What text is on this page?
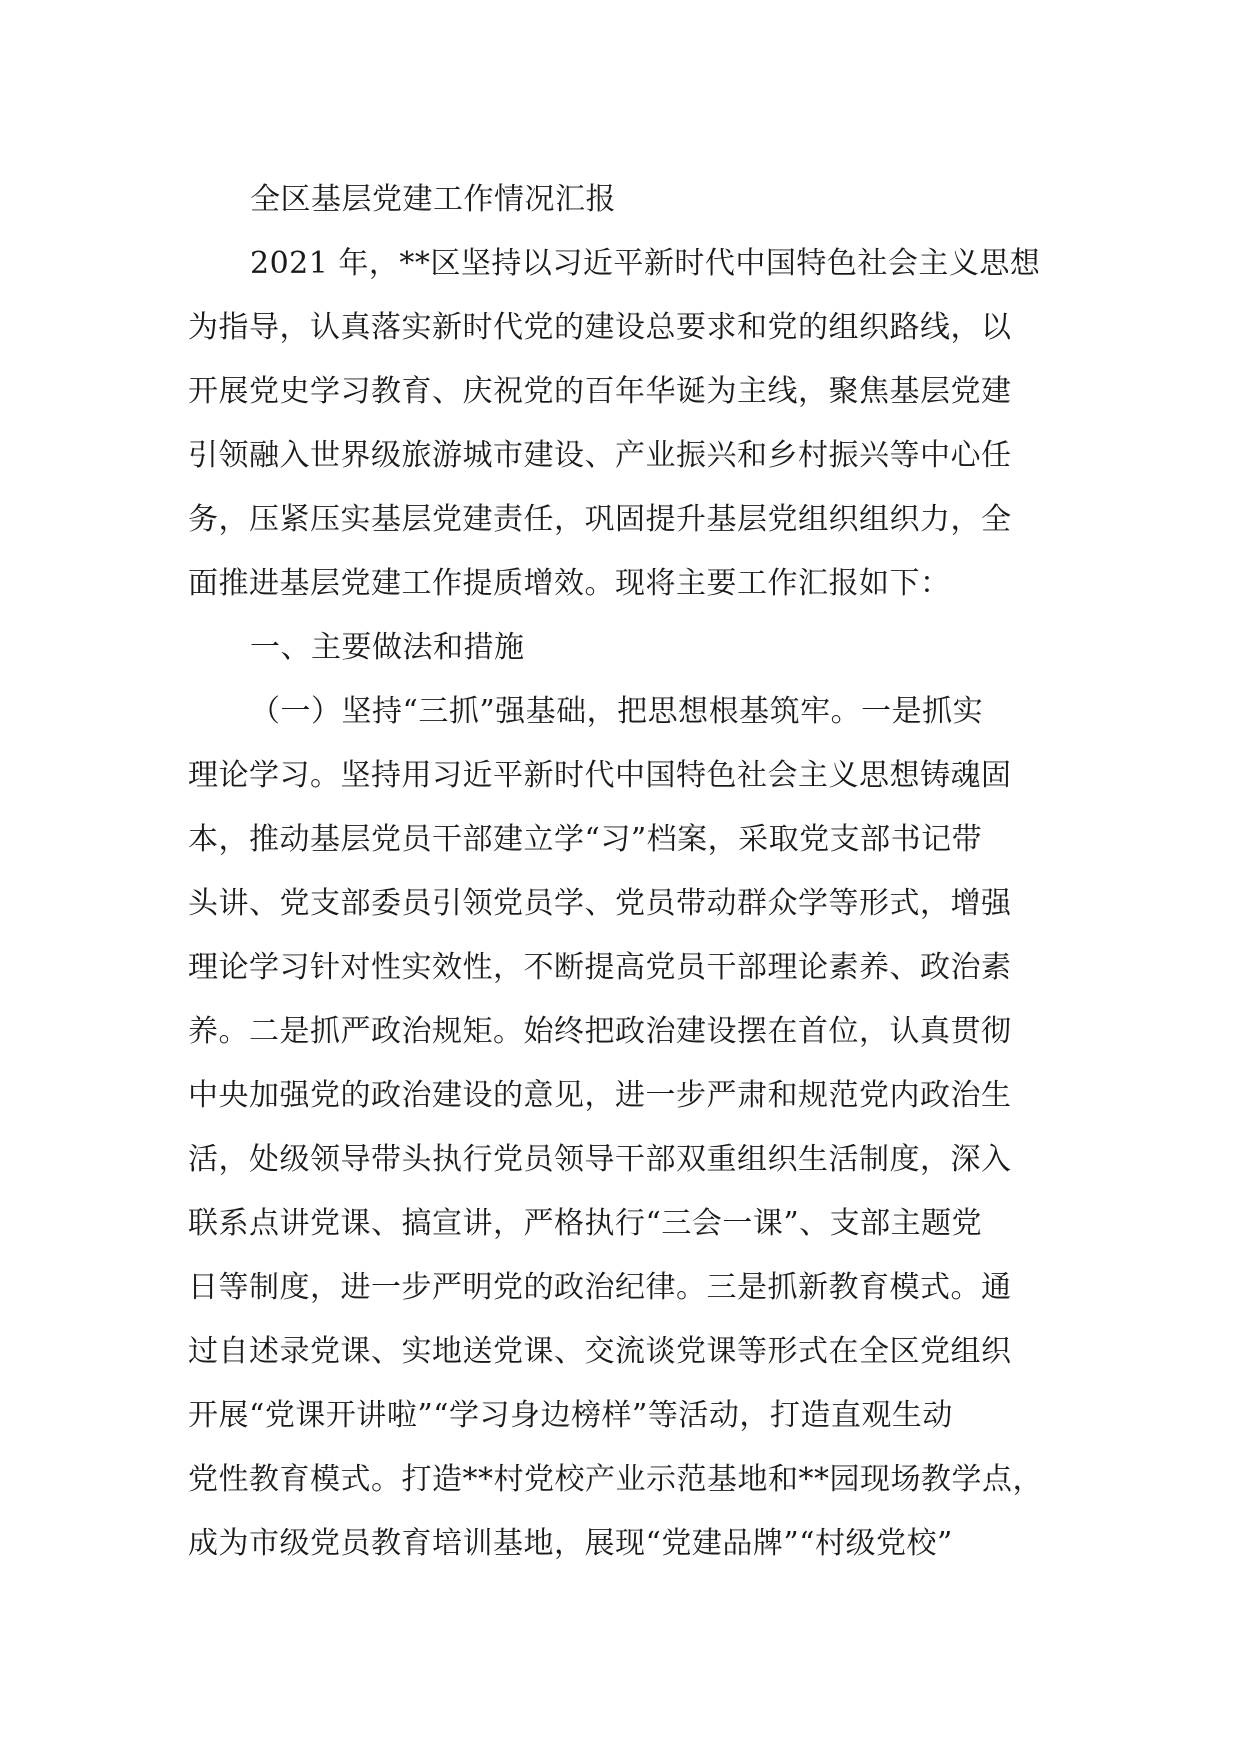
全区基层党建工作情况汇报
2021 年，**区坚持以习近平新时代中国特色社会主义思想
为指导，认真落实新时代党的建设总要求和党的组织路线，以
开展党史学习教育、庆祝党的百年华诞为主线，聚焦基层党建
引领融入世界级旅游城市建设、产业振兴和乡村振兴等中心任
务，压紧压实基层党建责任，巩固提升基层党组织组织力，全
面推进基层党建工作提质增效。现将主要工作汇报如下：
一、主要做法和措施
（一）坚持“三抓”强基础，把思想根基筑牢。一是抓实
理论学习。坚持用习近平新时代中国特色社会主义思想铸魂固
本，推动基层党员干部建立学“习”档案，采取党支部书记带
头讲、党支部委员引领党员学、党员带动群众学等形式，增强
理论学习针对性实效性，不断提高党员干部理论素养、政治素
养。二是抓严政治规矩。始终把政治建设摆在首位，认真贯彻
中央加强党的政治建设的意见，进一步严肃和规范党内政治生
活，处级领导带头执行党员领导干部双重组织生活制度，深入
联系点讲党课、搞宣讲，严格执行“三会一课”、支部主题党
日等制度，进一步严明党的政治纪律。三是抓新教育模式。通
过自述录党课、实地送党课、交流谈党课等形式在全区党组织
开展“党课开讲啦”“学习身边榜样”等活动，打造直观生动
党性教育模式。打造**村党校产业示范基地和**园现场教学点，
成为市级党员教育培训基地，展现“党建品牌”“村级党校”
